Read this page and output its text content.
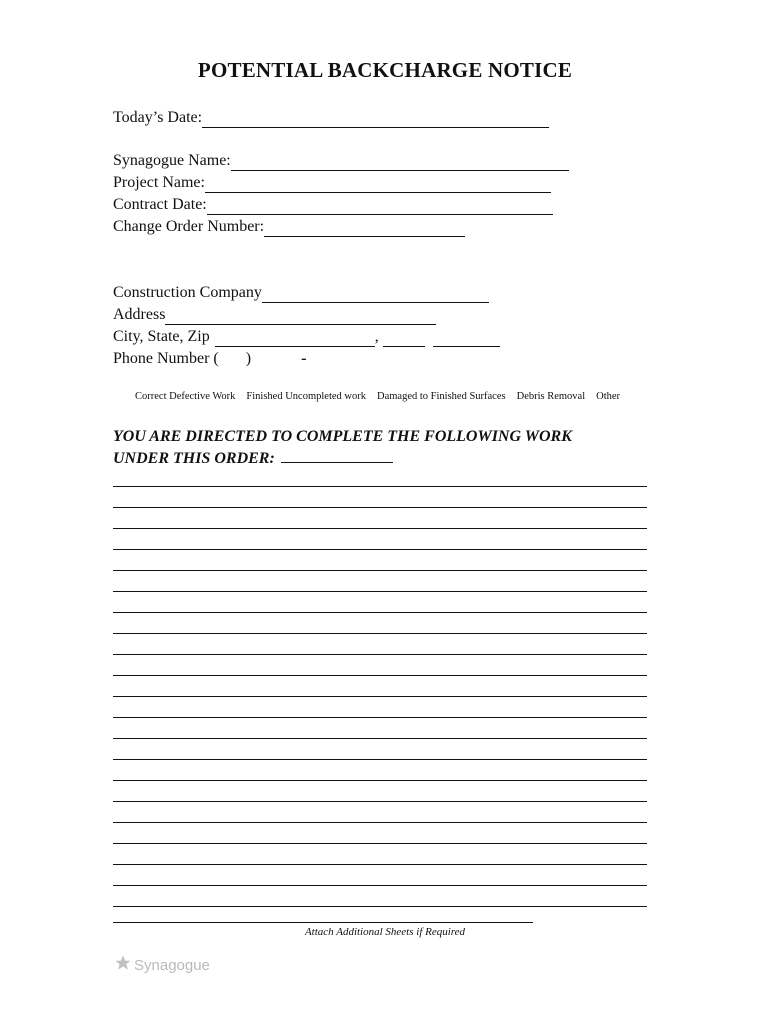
POTENTIAL BACKCHARGE NOTICE
Today’s Date:
Synagogue Name:
Project Name:
Contract Date:
Change Order Number:
Construction Company
Address
City, State, Zip	,
Phone Number ( )	-
Correct Defective Work Finished Uncompleted work Damaged to Finished Surfaces Debris Removal Other
YOU ARE DIRECTED TO COMPLETE THE FOLLOWING WORK
UNDER THIS ORDER:
Attach Additional Sheets if Required
Synagogue
